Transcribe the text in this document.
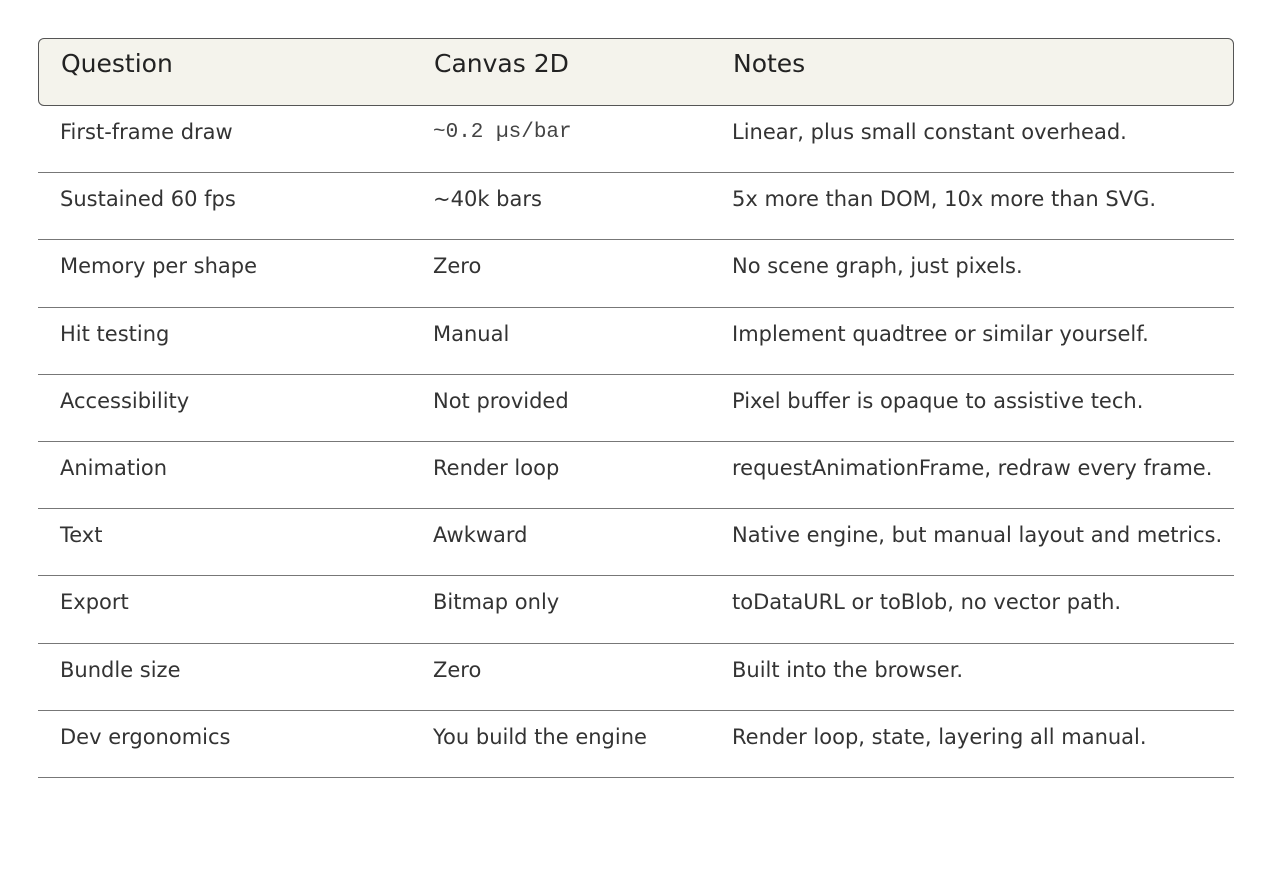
Question	Canvas 2D	Notes
First-frame draw	~0.2 µs/bar	Linear, plus small constant overhead.
Sustained 60 fps	~40k bars	5x more than DOM, 10x more than SVG.
Memory per shape	Zero	No scene graph, just pixels.
Hit testing	Manual	Implement quadtree or similar yourself.
Accessibility	Not provided	Pixel buffer is opaque to assistive tech.
Animation	Render loop	requestAnimationFrame, redraw every frame.
Text	Awkward	Native engine, but manual layout and metrics.
Export	Bitmap only	toDataURL or toBlob, no vector path.
Bundle size	Zero	Built into the browser.
Dev ergonomics	You build the engine	Render loop, state, layering all manual.
